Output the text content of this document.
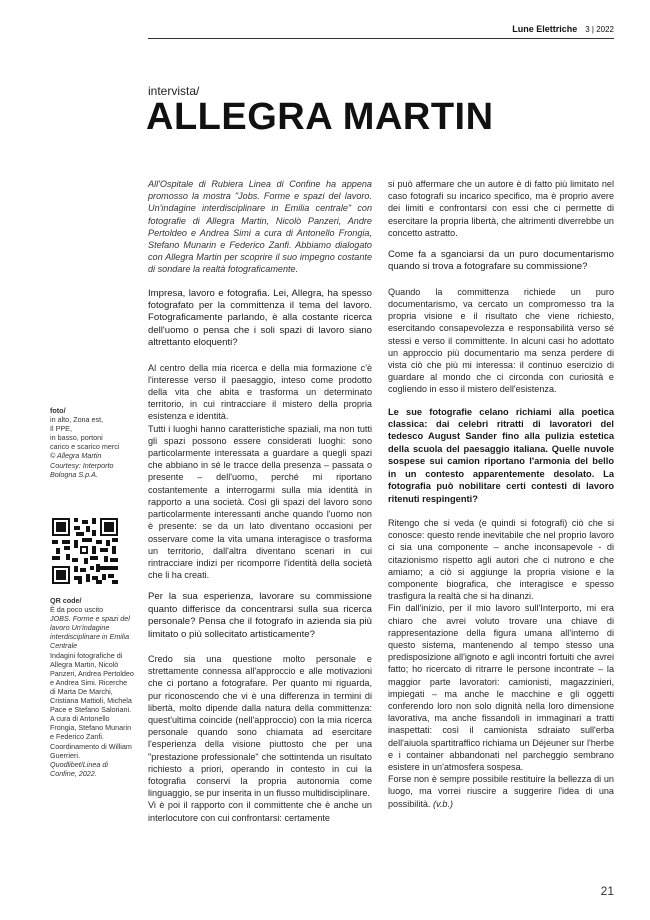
Lune Elettriche 3 | 2022
intervista/
ALLEGRA MARTIN

All'Ospitale di Rubiera Linea di Confine ha appena promosso la mostra "Jobs. Forme e spazi del lavoro. Un'indagine interdisciplinare in Emilia centrale" con fotografie di Allegra Martin, Nicolò Panzeri, Andre Pertoldeo e Andrea Simi a cura di Antonello Frongia, Stefano Munarin e Federico Zanfi. Abbiamo dialogato con Allegra Martin per scoprire il suo impegno costante di sondare la realtà fotograficamente.

Impresa, lavoro e fotografia. Lei, Allegra, ha spesso fotografato per la committenza il tema del lavoro. Fotograficamente parlando, è alla costante ricerca dell'uomo o pensa che i soli spazi di lavoro siano altrettanto eloquenti?

Al centro della mia ricerca e della mia formazione c'è l'interesse verso il paesaggio, inteso come prodotto della vita che abita e trasforma un determinato territorio, in cui rintracciare il mistero della propria esistenza e identità.

Tutti i luoghi hanno caratteristiche spaziali, ma non tutti gli spazi possono essere considerati luoghi: sono particolarmente interessata a guardare a quegli spazi che abbiano in sé le tracce della presenza – passata o presente – dell'uomo, perché mi riportano costantemente a interrogarmi sulla mia identità in rapporto a una società. Così gli spazi del lavoro sono particolarmente interessanti anche quando l'uomo non è presente: se da un lato diventano occasioni per osservare come la vita umana interagisce o trasforma un territorio, dall'altra diventano scenari in cui rintracciare indizi per ricomporre l'identità della società che li ha creati.

Per la sua esperienza, lavorare su commissione quanto differisce da concentrarsi sulla sua ricerca personale? Pensa che il fotografo in azienda sia più limitato o più sollecitato artisticamente?

Credo sia una questione molto personale e strettamente connessa all'approccio e alle motivazioni che ci portano a fotografare. Per quanto mi riguarda, pur riconoscendo che vi è una differenza in termini di libertà, molto dipende dalla natura della committenza: quest'ultima coincide (nell'approccio) con la mia ricerca personale quando sono chiamata ad esercitare l'esperienza della visione piuttosto che per una "prestazione professionale" che sottintenda un risultato richiesto a priori, operando in contesto in cui la fotografia conservi la propria autonomia come linguaggio, se pur inserita in un flusso multidisciplinare.

Vi è poi il rapporto con il committente che è anche un interlocutore con cui confrontarsi: certamente

si può affermare che un autore è di fatto più limitato nel caso fotografi su incarico specifico, ma è proprio avere dei limiti e confrontarsi con essi che ci permette di esercitare la propria libertà, che altrimenti diverrebbe un concetto astratto.

Come fa a sganciarsi da un puro documentarismo quando si trova a fotografare su commissione?

Quando la committenza richiede un puro documentarismo, va cercato un compromesso tra la propria visione e il risultato che viene richiesto, esercitando consapevolezza e responsabilità verso sé stessi e verso il committente. In alcuni casi ho adottato un approccio più documentario ma senza perdere di vista ciò che più mi interessa: il continuo esercizio di guardare al mondo che ci circonda con curiosità e cogliendo in esso il mistero dell'esistenza.

Le sue fotografie celano richiami alla poetica classica: dai celebri ritratti di lavoratori del tedesco August Sander fino alla pulizia estetica della scuola del paesaggio italiana. Quelle nuvole sospese sui camion riportano l'armonia del bello in un contesto apparentemente desolato. La fotografia può nobilitare certi contesti di lavoro ritenuti respingenti?

Ritengo che si veda (e quindi si fotografi) ciò che si conosce: questo rende inevitabile che nel proprio lavoro ci sia una componente – anche inconsapevole - di citazionismo rispetto agli autori che ci nutrono e che amiamo; a ciò si aggiunge la propria visione e la componente biografica, che interagisce e spesso trasfigura la realtà che si ha dinanzi.

Fin dall'inizio, per il mio lavoro sull'Interporto, mi era chiaro che avrei voluto trovare una chiave di rappresentazione della figura umana all'interno di questo sistema, mantenendo al tempo stesso una predisposizione all'ignoto e agli incontri fortuiti che avrei fatto; ho ricercato di ritrarre le persone incontrate – la maggior parte lavoratori: camionisti, magazzinieri, impiegati – ma anche le macchine e gli oggetti conferendo loro non solo dignità nella loro dimensione lavorativa, ma anche fissandoli in immaginari a tratti inaspettati: così il camionista sdraiato sull'erba dell'aiuola spartitraffico richiama un Déjeuner sur l'herbe e i container abbandonati nel parcheggio sembrano esistere in un'atmosfera sospesa.

Forse non è sempre possibile restituire la bellezza di un luogo, ma vorrei riuscire a suggerire l'idea di una possibilità. (v.b.)

foto/
in alto, Zona est,
Il PPE,
in basso, portoni
carico e scarico merci
© Allegra Martin Courtesy: Interporto Bologna S.p.A.
QR code/
È da poco uscito
JOBS. Forme e spazi del lavoro Un'indagine interdisciplinare in Emilia Centrale
Indagini fotografiche di Allegra Martin, Nicolò Panzeri, Andrea Pertoldeo e Andrea Simi. Ricerche di Marta De Marchi, Cristiana Mattioli, Michela Pace e Stefano Saloriani. A cura di Antonello Frongia, Stefano Munarin e Federico Zanfi. Coordinamento di William Guerrieri.
Quodlibet/Linea di Confine, 2022.
21
